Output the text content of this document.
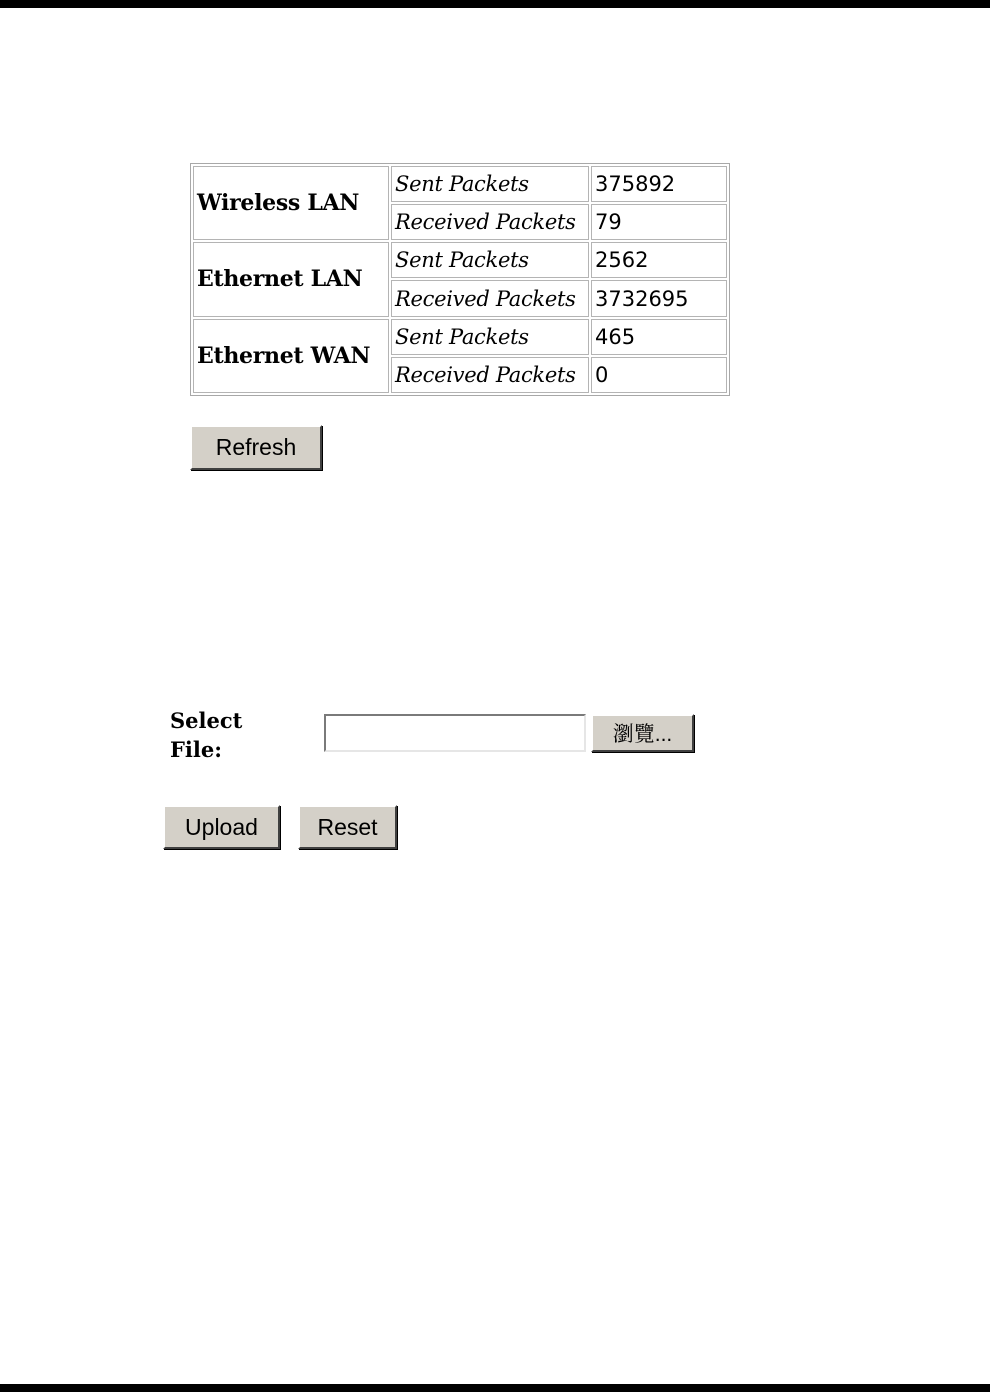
Wireless LAN	Sent Packets	375892
	Received Packets	79
Ethernet LAN	Sent Packets	2562
	Received Packets	3732695
Ethernet WAN	Sent Packets	465
	Received Packets	0
Refresh
Select File:
瀏覽...
Upload	Reset
